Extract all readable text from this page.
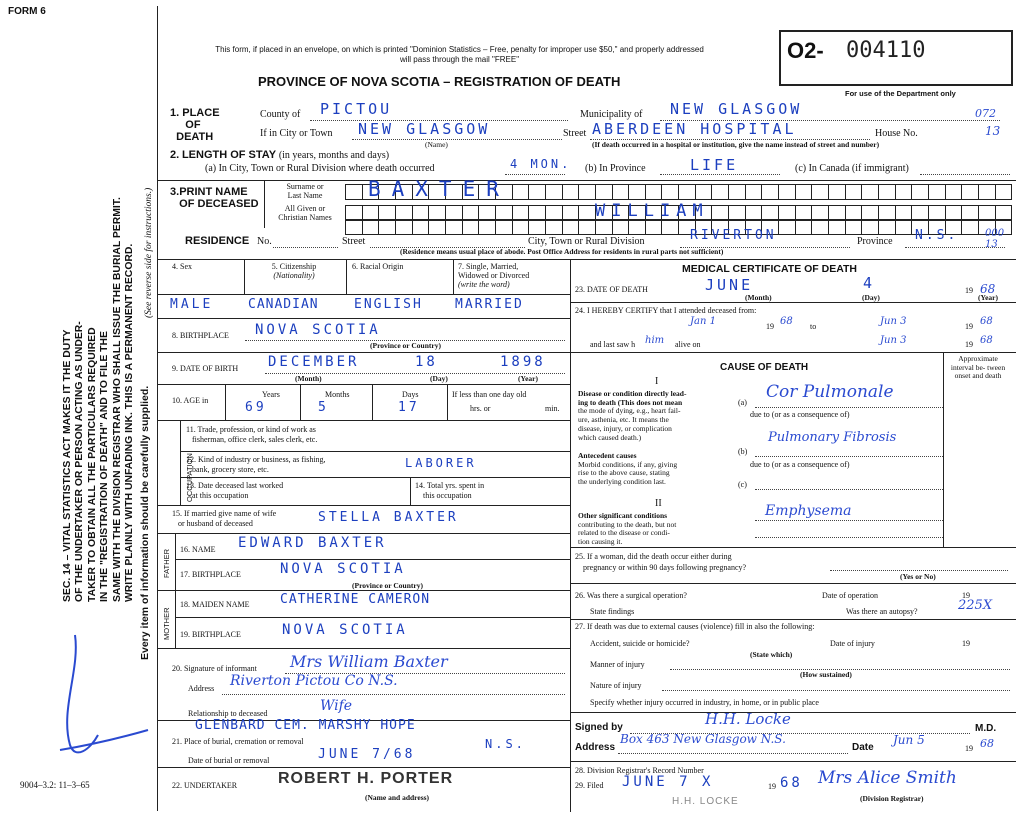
FORM 6
This form, if placed in an envelope, on which is printed "Dominion Statistics – Free, penalty for improper use $50," and properly addressed will pass through the mail "FREE"
PROVINCE OF NOVA SCOTIA – REGISTRATION OF DEATH
O2- 004110
For use of the Department only
SEC. 14 – VITAL STATISTICS ACT MAKES IT THE DUTY OF THE UNDERTAKER OR PERSON ACTING AS UNDER- TAKER TO OBTAIN ALL THE PARTICULARS REQUIRED IN THE "REGISTRATION OF DEATH" AND TO FILE THE SAME WITH THE DIVISION REGISTRAR WHO SHALL ISSUE THE BURIAL PERMIT. WRITE PLAINLY WITH UNFADING INK. THIS IS A PERMANENT RECORD. Every item of information should be carefully supplied.
(See reverse side for instructions.)
9004–3.2: 11–3–65
1. PLACE
OF
DEATH
County of PICTOU	Municipality of NEW GLASGOW	072
If in City or Town NEW GLASGOW
(Name)
Street ABERDEEN HOSPITAL	House No.	13
(If death occurred in a hospital or institution, give the name instead of street and number)
2. LENGTH OF STAY (in years, months and days)
(a) In City, Town or Rural Division where death occurred	4 MON. (b) In Province	LIFE	(c) In Canada (if immigrant)
3.PRINT NAME
OF DECEASED
Surname or
Last Name
All Given or
Christian Names
BAXTER
WILLIAM
RESIDENCE No.	Street	City, Town or Rural Division	RIVERTON	Province N.S.	000 13
(Residence means usual place of abode. Post Office Address for residents in rural parts not sufficient)
4. Sex	5. Citizenship
(Nationality)
6. Racial Origin	7. Single, Married,
Widowed or Divorced
(write the word)
MALE	CANADIAN	ENGLISH MARRIED
8. BIRTHPLACE NOVA SCOTIA
(Province or Country)
9. DATE OF BIRTH DECEMBER	18	1898
(Month)	(Day)	(Year)
10. AGE in
Years	Months	Days
69	5	17
If less than one day old
hrs. or	min.
OCCUPATION
11. Trade, profession, or kind of work as
fisherman, office clerk, sales clerk, etc.
12. Kind of industry or business, as fishing,
bank, grocery store, etc.	LABORER
13. Date deceased last worked
at this occupation
14. Total yrs. spent in
this occupation
15. If married give name of wife
or husband of deceased	STELLA BAXTER
FATHER	16. NAME EDWARD BAXTER
17. BIRTHPLACE	NOVA SCOTIA
(Province or Country)
MOTHER
18. MAIDEN NAME CATHERINE CAMERON
19. BIRTHPLACE	NOVA SCOTIA
20. Signature of informant Mrs William Baxter
Address Riverton Pictou Co N.S.
Relationship to deceased	Wife
GLENBARD CEM. MARSHY HOPE
N.S.
21. Place of burial, cremation or removal
Date of burial or removal	JUNE 7/68
22. UNDERTAKER	ROBERT H. PORTER
(Name and address)
MEDICAL CERTIFICATE OF DEATH
23. DATE OF DEATH	JUNE	4	19 68
(Month)	(Day)	(Year)
24. I HEREBY CERTIFY that I attended deceased from:
Jan 1	19 68 to	Jun 3	19 68
and last saw h him alive on	Jun 3	19 68
CAUSE OF DEATH
Approximate interval be- tween onset and death
I
Disease or condition directly lead-
ing to death (This does not mean
the mode of dying, e.g., heart fail-
ure, asthenia, etc. It means the
disease, injury, or complication
which caused death.)
(a)
Cor Pulmonale
due to (or as a consequence of)
Antecedent causes
Morbid conditions, if any, giving
rise to the above cause, stating
the underlying condition last.
Pulmonary Fibrosis
(b)
due to (or as a consequence of)
(c)
II
Other significant conditions
contributing to the death, but not
related to the disease or condi-
tion causing it.
Emphysema
25. If a woman, did the death occur either during
pregnancy or within 90 days following pregnancy?
(Yes or No)
26. Was there a surgical operation?	Date of operation	19
State findings	Was there an autopsy?	225X
27. If death was due to external causes (violence) fill in also the following:
Accident, suicide or homicide?	Date of injury	19
(State which)
Manner of injury
(How sustained)
Nature of injury
Specify whether injury occurred in industry, in home, or in public place
Signed by	H.H. Locke
M.D.
Address
Box 463 New Glasgow N.S.
Date
Jun 5
19 68
28. Division Registrar's Record Number
29. Filed JUNE 7 X	19 68 Mrs Alice Smith
(Division Registrar)
H.H. LOCKE
